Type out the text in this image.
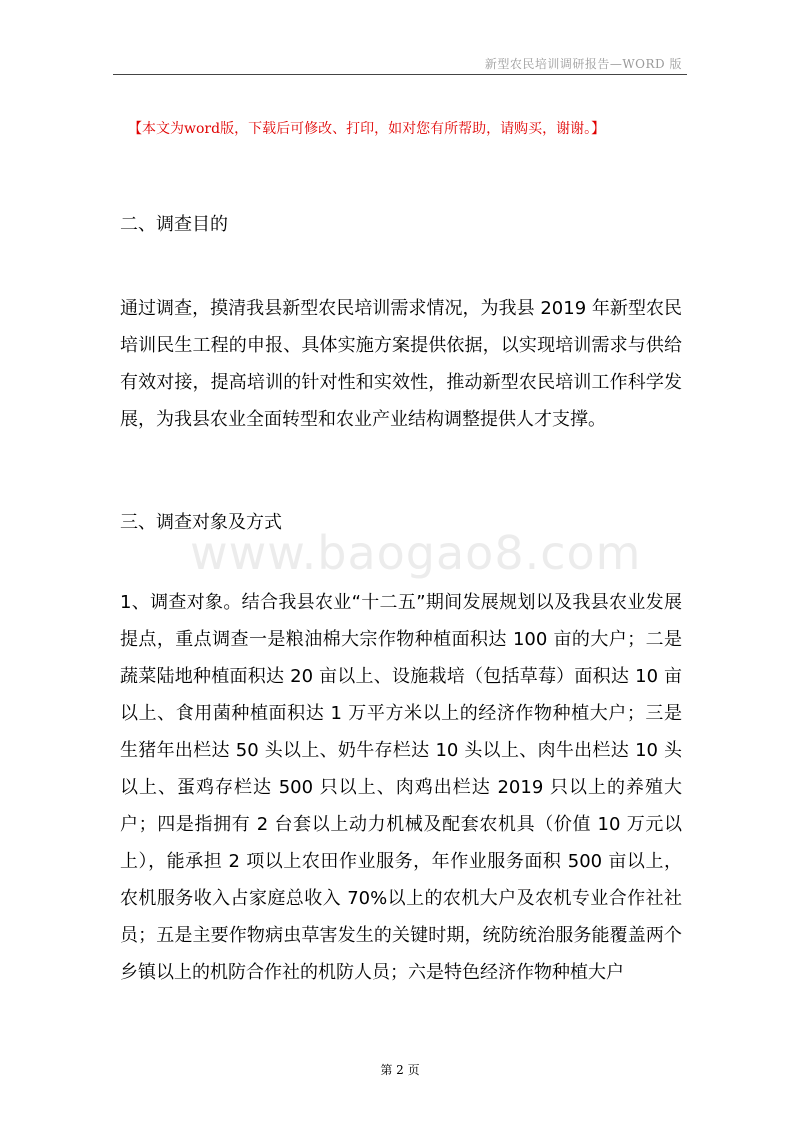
新型农民培训调研报告—WORD 版
【本文为word版，下载后可修改、打印，如对您有所帮助，请购买，谢谢。】
二、调查目的
通过调查，摸清我县新型农民培训需求情况，为我县 2019 年新型农民培训民生工程的申报、具体实施方案提供依据，以实现培训需求与供给有效对接，提高培训的针对性和实效性，推动新型农民培训工作科学发展，为我县农业全面转型和农业产业结构调整提供人才支撑。
三、调查对象及方式
www.baogao8.com
1、调查对象。结合我县农业“十二五”期间发展规划以及我县农业发展提点，重点调查一是粮油棉大宗作物种植面积达 100 亩的大户；二是蔬菜陆地种植面积达 20 亩以上、设施栽培（包括草莓）面积达 10 亩以上、食用菌种植面积达 1 万平方米以上的经济作物种植大户；三是生猪年出栏达 50 头以上、奶牛存栏达 10 头以上、肉牛出栏达 10 头以上、蛋鸡存栏达 500 只以上、肉鸡出栏达 2019 只以上的养殖大户；四是指拥有 2 台套以上动力机械及配套农机具（价值 10 万元以上），能承担 2 项以上农田作业服务，年作业服务面积 500 亩以上，农机服务收入占家庭总收入 70%以上的农机大户及农机专业合作社社员；五是主要作物病虫草害发生的关键时期，统防统治服务能覆盖两个乡镇以上的机防合作社的机防人员；六是特色经济作物种植大户
第 2 页
